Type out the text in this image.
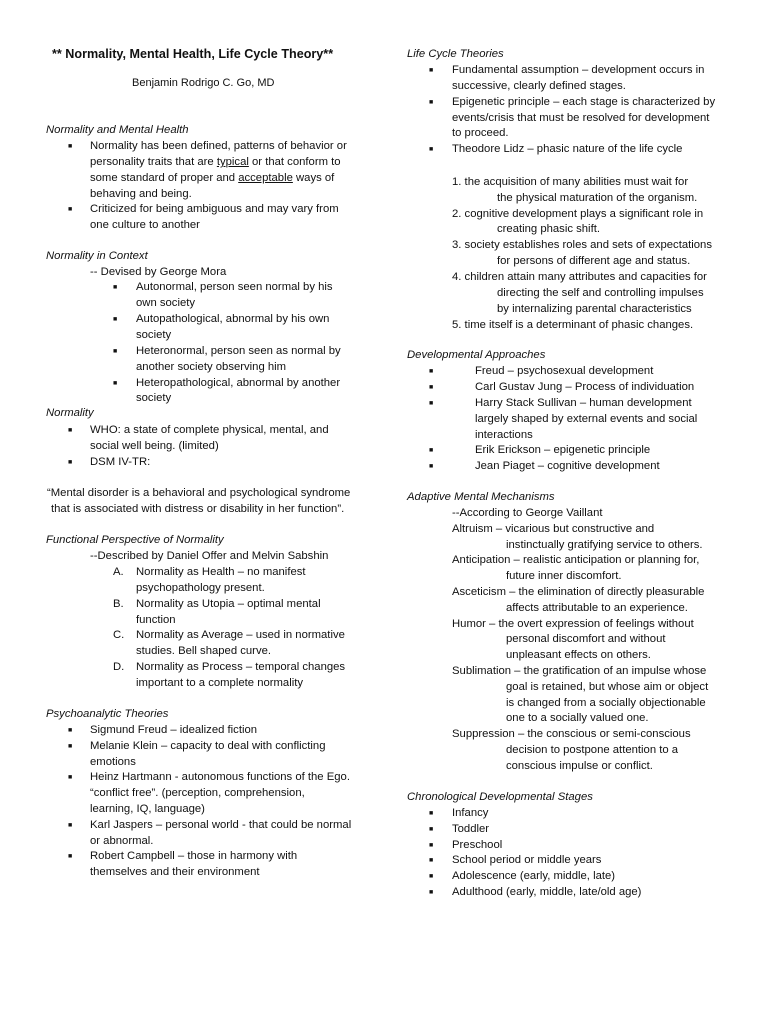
** Normality, Mental Health, Life Cycle Theory**
Benjamin Rodrigo C. Go, MD
Normality and Mental Health
■ Normality has been defined, patterns of behavior or
personality traits that are typical or that conform to
some standard of proper and acceptable ways of
behaving and being.
■ Criticized for being ambiguous and may vary from
one culture to another
Normality in Context
-- Devised by George Mora
■ Autonormal, person seen normal by his
own society
■ Autopathological, abnormal by his own
society
■ Heteronormal, person seen as normal by
another society observing him
■ Heteropathological, abnormal by another
society
Normality
■ WHO: a state of complete physical, mental, and
social well being. (limited)
■ DSM IV-TR:
“Mental disorder is a behavioral and psychological syndrome
that is associated with distress or disability in her function”.
Functional Perspective of Normality
--Described by Daniel Offer and Melvin Sabshin
A. Normality as Health – no manifest
psychopathology present.
B. Normality as Utopia – optimal mental
function
C. Normality as Average – used in normative
studies. Bell shaped curve.
D. Normality as Process – temporal changes
important to a complete normality
Psychoanalytic Theories
■ Sigmund Freud – idealized fiction
■ Melanie Klein – capacity to deal with conflicting
emotions
■ Heinz Hartmann - autonomous functions of the Ego.
“conflict free”. (perception, comprehension,
learning, IQ, language)
■ Karl Jaspers – personal world - that could be normal
or abnormal.
■ Robert Campbell – those in harmony with
themselves and their environment
Life Cycle Theories
■ Fundamental assumption – development occurs in
successive, clearly defined stages.
■ Epigenetic principle – each stage is characterized by
events/crisis that must be resolved for development
to proceed.
■ Theodore Lidz – phasic nature of the life cycle
1. the acquisition of many abilities must wait for
the physical maturation of the organism.
2. cognitive development plays a significant role in
creating phasic shift.
3. society establishes roles and sets of expectations
for persons of different age and status.
4. children attain many attributes and capacities for
directing the self and controlling impulses
by internalizing parental characteristics
5. time itself is a determinant of phasic changes.
Developmental Approaches
■	Freud – psychosexual development
■	Carl Gustav Jung – Process of individuation
■	Harry Stack Sullivan – human development
largely shaped by external events and social
interactions
■	Erik Erickson – epigenetic principle
■	Jean Piaget – cognitive development
Adaptive Mental Mechanisms
--According to George Vaillant
Altruism – vicarious but constructive and
instinctually gratifying service to others.
Anticipation – realistic anticipation or planning for,
future inner discomfort.
Asceticism – the elimination of directly pleasurable
affects attributable to an experience.
Humor – the overt expression of feelings without
personal discomfort and without
unpleasant effects on others.
Sublimation – the gratification of an impulse whose
goal is retained, but whose aim or object
is changed from a socially objectionable
one to a socially valued one.
Suppression – the conscious or semi-conscious
decision to postpone attention to a
conscious impulse or conflict.
Chronological Developmental Stages
■ Infancy
■ Toddler
■ Preschool
■ School period or middle years
■ Adolescence (early, middle, late)
■ Adulthood (early, middle, late/old age)
